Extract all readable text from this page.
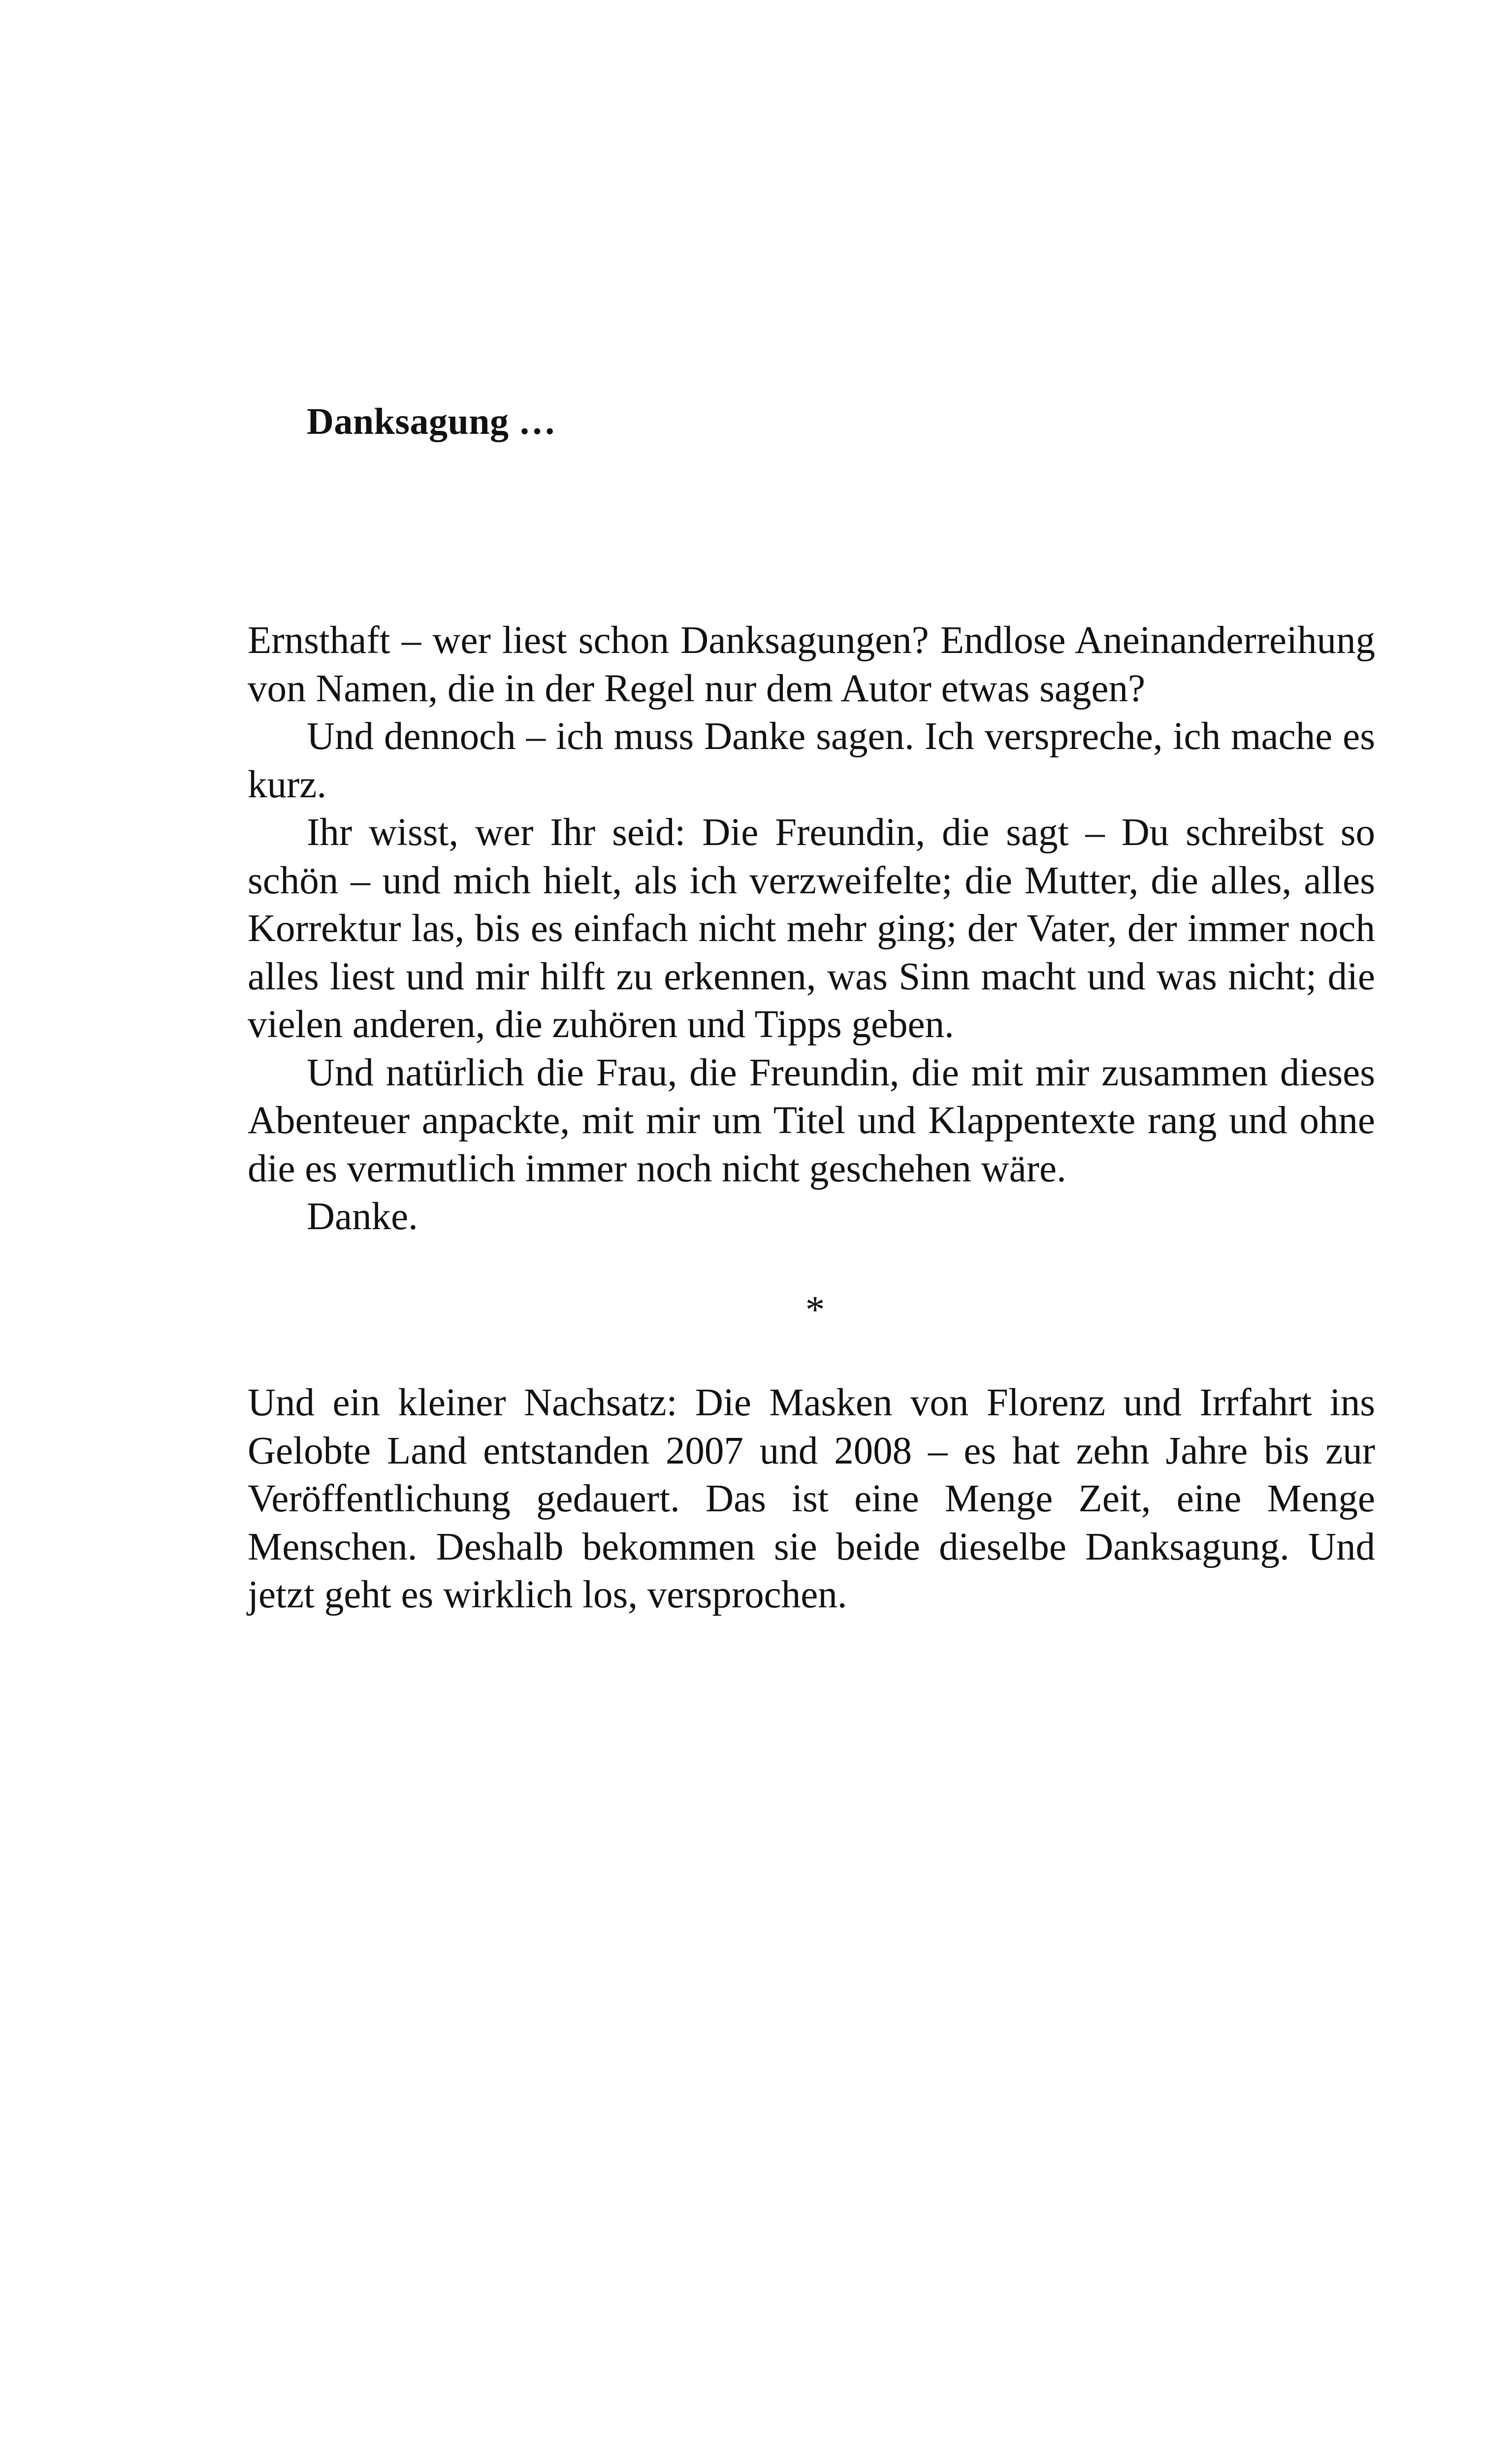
Danksagung …

Ernsthaft – wer liest schon Danksagungen? Endlose Aneinanderreihung von Namen, die in der Regel nur dem Autor etwas sagen?

Und dennoch – ich muss Danke sagen. Ich verspreche, ich mache es kurz.

Ihr wisst, wer Ihr seid: Die Freundin, die sagt – Du schreibst so schön – und mich hielt, als ich verzweifelte; die Mutter, die alles, alles Korrektur las, bis es einfach nicht mehr ging; der Vater, der immer noch alles liest und mir hilft zu erkennen, was Sinn macht und was nicht; die vielen anderen, die zuhören und Tipps geben.

Und natürlich die Frau, die Freundin, die mit mir zusammen dieses Abenteuer anpackte, mit mir um Titel und Klappentexte rang und ohne die es vermutlich immer noch nicht geschehen wäre.

Danke.

*

Und ein kleiner Nachsatz: Die Masken von Florenz und Irrfahrt ins Gelobte Land entstanden 2007 und 2008 – es hat zehn Jahre bis zur Veröffentlichung gedauert. Das ist eine Menge Zeit, eine Menge Menschen. Deshalb bekommen sie beide dieselbe Danksagung. Und jetzt geht es wirklich los, versprochen.
